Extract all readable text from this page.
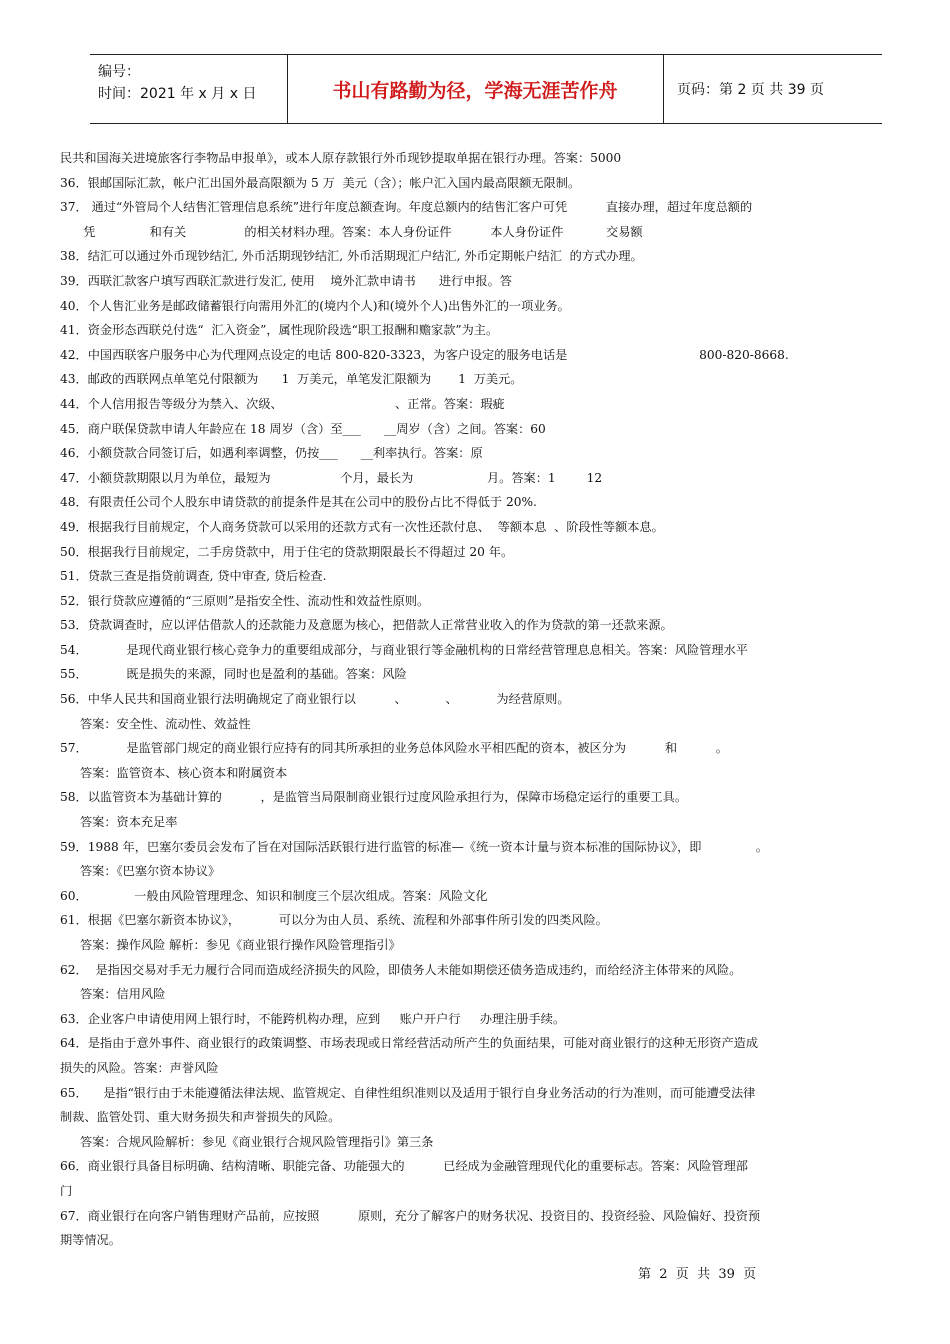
编号：
时间：2021 年 x 月 x 日	书山有路勤为径，学海无涯苦作舟	页码：第 2 页 共 39 页
民共和国海关进境旅客行李物品申报单》，或本人原存款银行外币现钞提取单据在银行办理。答案：5000
36．银邮国际汇款，帐户汇出国外最高限额为 5 万  美元（含）；帐户汇入国内最高限额无限制。
37． 通过“外管局个人结售汇管理信息系统”进行年度总额查询。年度总额内的结售汇客户可凭          直接办理，超过年度总额的
凭              和有关               的相关材料办理。答案：本人身份证件          本人身份证件           交易额
38．结汇可以通过外币现钞结汇, 外币活期现钞结汇, 外币活期现汇户结汇, 外币定期帐户结汇  的方式办理。
39．西联汇款客户填写西联汇款进行发汇, 使用    境外汇款申请书      进行申报。答
40．个人售汇业务是邮政储蓄银行向需用外汇的(境内个人)和(境外个人)出售外汇的一项业务。
41．资金形态西联兑付选“  汇入资金”，属性现阶段选“职工报酬和赡家款”为主。
42．中国西联客户服务中心为代理网点设定的电话 800-820-3323，为客户设定的服务电话是                                  800-820-8668.
43．邮政的西联网点单笔兑付限额为      1  万美元，单笔发汇限额为       1  万美元。
44．个人信用报告等级分为禁入、次级、                             、正常。答案：瑕疵
45．商户联保贷款申请人年龄应在 18 周岁（含）至___      __周岁（含）之间。答案：60
46．小额贷款合同签订后，如遇利率调整，仍按___      __利率执行。答案：原
47．小额贷款期限以月为单位，最短为                  个月，最长为                   月。答案：1        12
48．有限责任公司个人股东申请贷款的前提条件是其在公司中的股份占比不得低于 20%.
49．根据我行目前规定，个人商务贷款可以采用的还款方式有一次性还款付息、  等额本息  、阶段性等额本息。
50．根据我行目前规定，二手房贷款中，用于住宅的贷款期限最长不得超过 20 年。
51．贷款三查是指贷前调查, 贷中审查, 贷后检查.
52．银行贷款应遵循的“三原则”是指安全性、流动性和效益性原则。
53．贷款调查时，应以评估借款人的还款能力及意愿为核心，把借款人正常营业收入的作为贷款的第一还款来源。
54．          是现代商业银行核心竞争力的重要组成部分，与商业银行等金融机构的日常经营管理息息相关。答案：风险管理水平
55．          既是损失的来源，同时也是盈利的基础。答案：风险
56．中华人民共和国商业银行法明确规定了商业银行以          、          、          为经营原则。
答案：安全性、流动性、效益性
57．          是监管部门规定的商业银行应持有的同其所承担的业务总体风险水平相匹配的资本，被区分为          和          。
答案：监管资本、核心资本和附属资本
58．以监管资本为基础计算的          ，是监管当局限制商业银行过度风险承担行为，保障市场稳定运行的重要工具。
答案：资本充足率
59．1988 年，巴塞尔委员会发布了旨在对国际活跃银行进行监管的标准—《统一资本计量与资本标准的国际协议》，即              。
答案：《巴塞尔资本协议》
60．            一般由风险管理理念、知识和制度三个层次组成。答案：风险文化
61．根据《巴塞尔新资本协议》，          可以分为由人员、系统、流程和外部事件所引发的四类风险。
答案：操作风险 解析：参见《商业银行操作风险管理指引》
62．  是指因交易对手无力履行合同而造成经济损失的风险，即债务人未能如期偿还债务造成违约，而给经济主体带来的风险。
答案：信用风险
63．企业客户申请使用网上银行时，不能跨机构办理，应到     账户开户行     办理注册手续。
64．是指由于意外事件、商业银行的政策调整、市场表现或日常经营活动所产生的负面结果，可能对商业银行的这种无形资产造成
损失的风险。答案：声誉风险
65．    是指“银行由于未能遵循法律法规、监管规定、自律性组织准则以及适用于银行自身业务活动的行为准则，而可能遭受法律
制裁、监管处罚、重大财务损失和声誉损失的风险。
答案：合规风险解析：参见《商业银行合规风险管理指引》第三条
66．商业银行具备目标明确、结构清晰、职能完备、功能强大的          已经成为金融管理现代化的重要标志。答案：风险管理部
门
67．商业银行在向客户销售理财产品前，应按照          原则，充分了解客户的财务状况、投资目的、投资经验、风险偏好、投资预
期等情况。
第  2  页  共  39  页
